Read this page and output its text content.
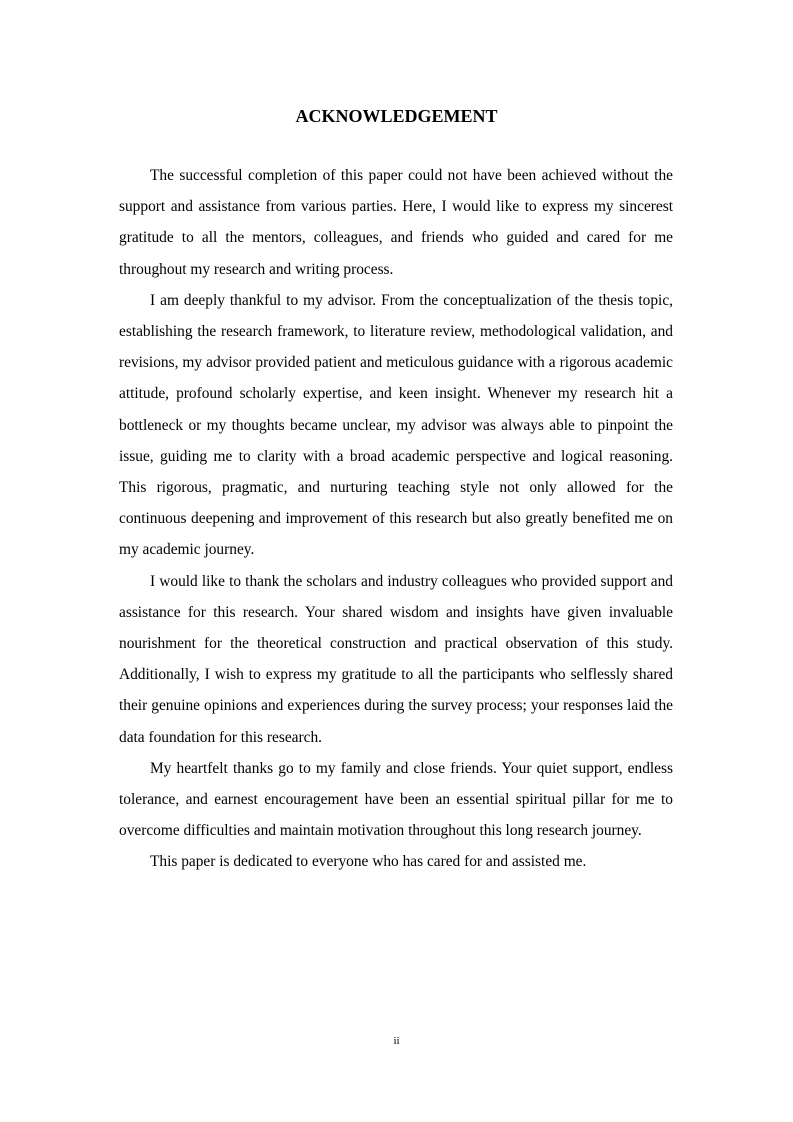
ACKNOWLEDGEMENT

The successful completion of this paper could not have been achieved without the support and assistance from various parties. Here, I would like to express my sincerest gratitude to all the mentors, colleagues, and friends who guided and cared for me throughout my research and writing process.

I am deeply thankful to my advisor. From the conceptualization of the thesis topic, establishing the research framework, to literature review, methodological validation, and revisions, my advisor provided patient and meticulous guidance with a rigorous academic attitude, profound scholarly expertise, and keen insight. Whenever my research hit a bottleneck or my thoughts became unclear, my advisor was always able to pinpoint the issue, guiding me to clarity with a broad academic perspective and logical reasoning. This rigorous, pragmatic, and nurturing teaching style not only allowed for the continuous deepening and improvement of this research but also greatly benefited me on my academic journey.

I would like to thank the scholars and industry colleagues who provided support and assistance for this research. Your shared wisdom and insights have given invaluable nourishment for the theoretical construction and practical observation of this study. Additionally, I wish to express my gratitude to all the participants who selflessly shared their genuine opinions and experiences during the survey process; your responses laid the data foundation for this research.

My heartfelt thanks go to my family and close friends. Your quiet support, endless tolerance, and earnest encouragement have been an essential spiritual pillar for me to overcome difficulties and maintain motivation throughout this long research journey.

This paper is dedicated to everyone who has cared for and assisted me.

ii
